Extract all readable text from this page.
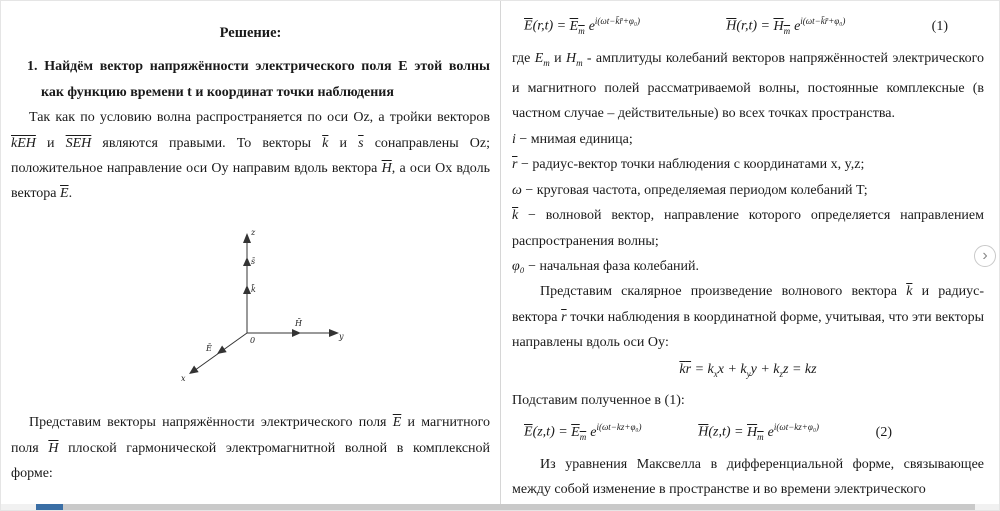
Решение:

1. Найдём вектор напряжённости электрического поля Е этой волны как функцию времени t и координат точки наблюдения

Так как по условию волна распространяется по оси Oz, а тройки векторов $\overline{kEH}$ и $\overline{SEH}$ являются правыми. То векторы $\overline{k}$ и $\overline{s}$ сонаправлены Oz; положительное направление оси Oy направим вдоль вектора $\overline{H}$, а оси Ox вдоль вектора $\overline{E}$.

z
s̄
k̄
0
H̄
y
x
Ē

Представим векторы напряжённости электрического поля $\overline{E}$ и магнитного поля $\overline{H}$ плоской гармонической электромагнитной волной в комплексной форме:

$\overline{E}(r,t) = E_m$ $e^{i(\omega t-k̄r̄+\varphi_0)}$	$\overline{H}(r,t) = H_m$ $e^{i(\omega t-k̄r̄+\varphi_0)}$	(1)

где $E_m$ и $H_m$ - амплитуды колебаний векторов напряжённостей электрического и магнитного полей рассматриваемой волны, постоянные комплексные (в частном случае – действительные) во всех точках пространства.

i − мнимая единица;

$\overline{r}$ − радиус-вектор точки наблюдения с координатами x, y,z;

ω − круговая частота, определяемая периодом колебаний T;

$\overline{k}$ − волновой вектор, направление которого определяется направлением распространения волны;

φ₀ − начальная фаза колебаний.

Представим скалярное произведение волнового вектора $\overline{k}$ и радиус-вектора $\overline{r}$ точки наблюдения в координатной форме, учитывая, что эти векторы направлены вдоль оси Oy:

$\overline{k}\overline{r} = k_xx + k_yy + k_zz$ = kz

Подставим полученное в (1):

$\overline{E}(z,t) = E_m$ $e^{i(\omega t-kz+\varphi_0)}$	$\overline{H}(z,t) = H_m$ $e^{i(\omega t-kz+\varphi_0)}$	(2)

Из уравнения Максвелла в дифференциальной форме, связывающее между собой изменение в пространстве и во времени электрического

›
